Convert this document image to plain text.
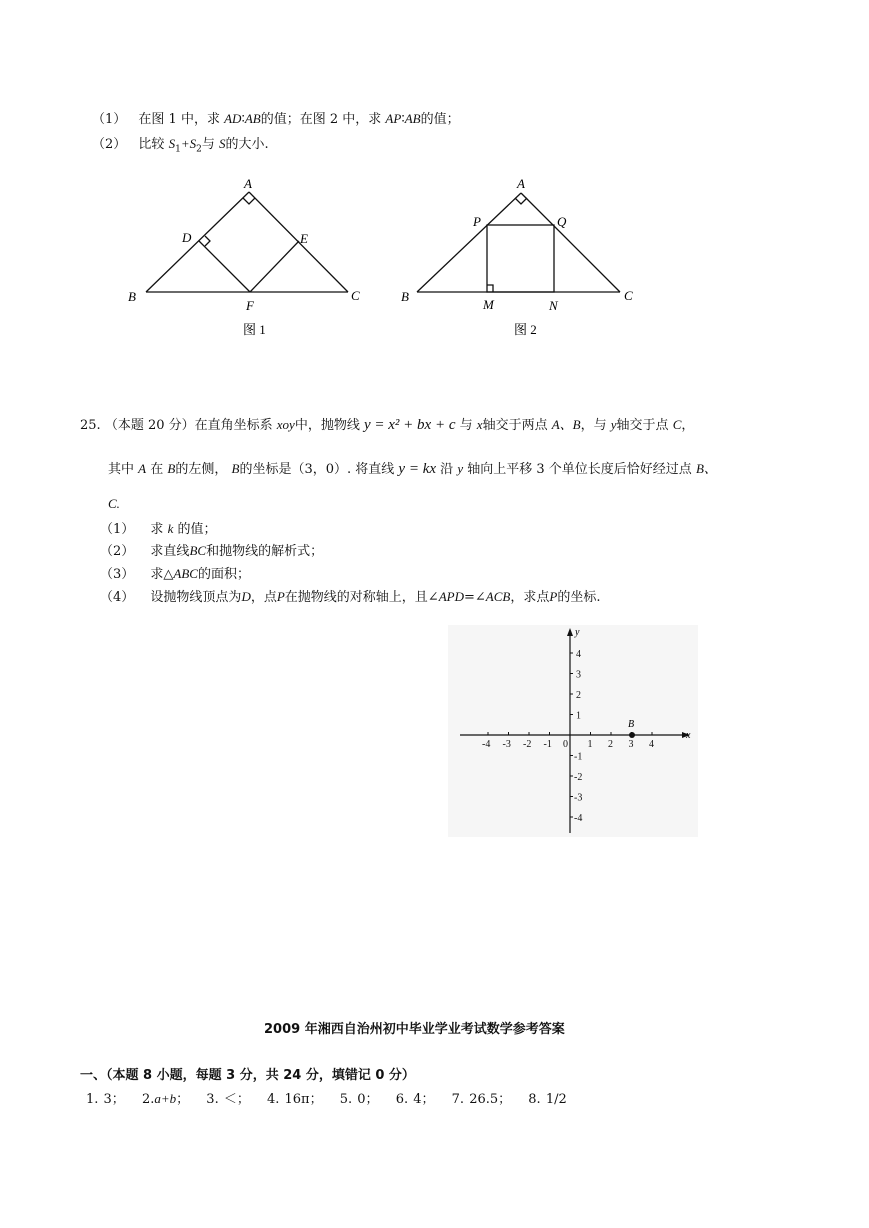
（1） 在图 1 中，求 AD∶AB的值；在图 2 中，求 AP∶AB的值；
（2） 比较 $S_1+S_2$与 S的大小.
A
B	C
D	E
F
图 1
A
B	C
P	Q
M	N
图 2
25. （本题 20 分）在直角坐标系 xoy中，抛物线 y = x² + bx + c 与 x轴交于两点 A、B，与 y轴交于点 C，
其中 A 在 B的左侧， B的坐标是（3，0）. 将直线 y = kx 沿 y 轴向上平移 3 个单位长度后恰好经过点 B、
C.
（1） 求 k 的值；
（2） 求直线BC和抛物线的解析式；
（3） 求△ABC的面积；
（4） 设抛物线顶点为D，点P在抛物线的对称轴上，且∠APD=∠ACB，求点P的坐标.
x
y
-4 -3 -2 -1 0 1 2 3 4
4
3
2
1
-1
-2
-3
-4
B
2009 年湘西自治州初中毕业学业考试数学参考答案
一、（本题 8 小题，每题 3 分，共 24 分，填错记 0 分）
1. 3； 2.a+b； 3. ＜； 4. 16π； 5. 0； 6. 4； 7. 26.5； 8. 1/2
